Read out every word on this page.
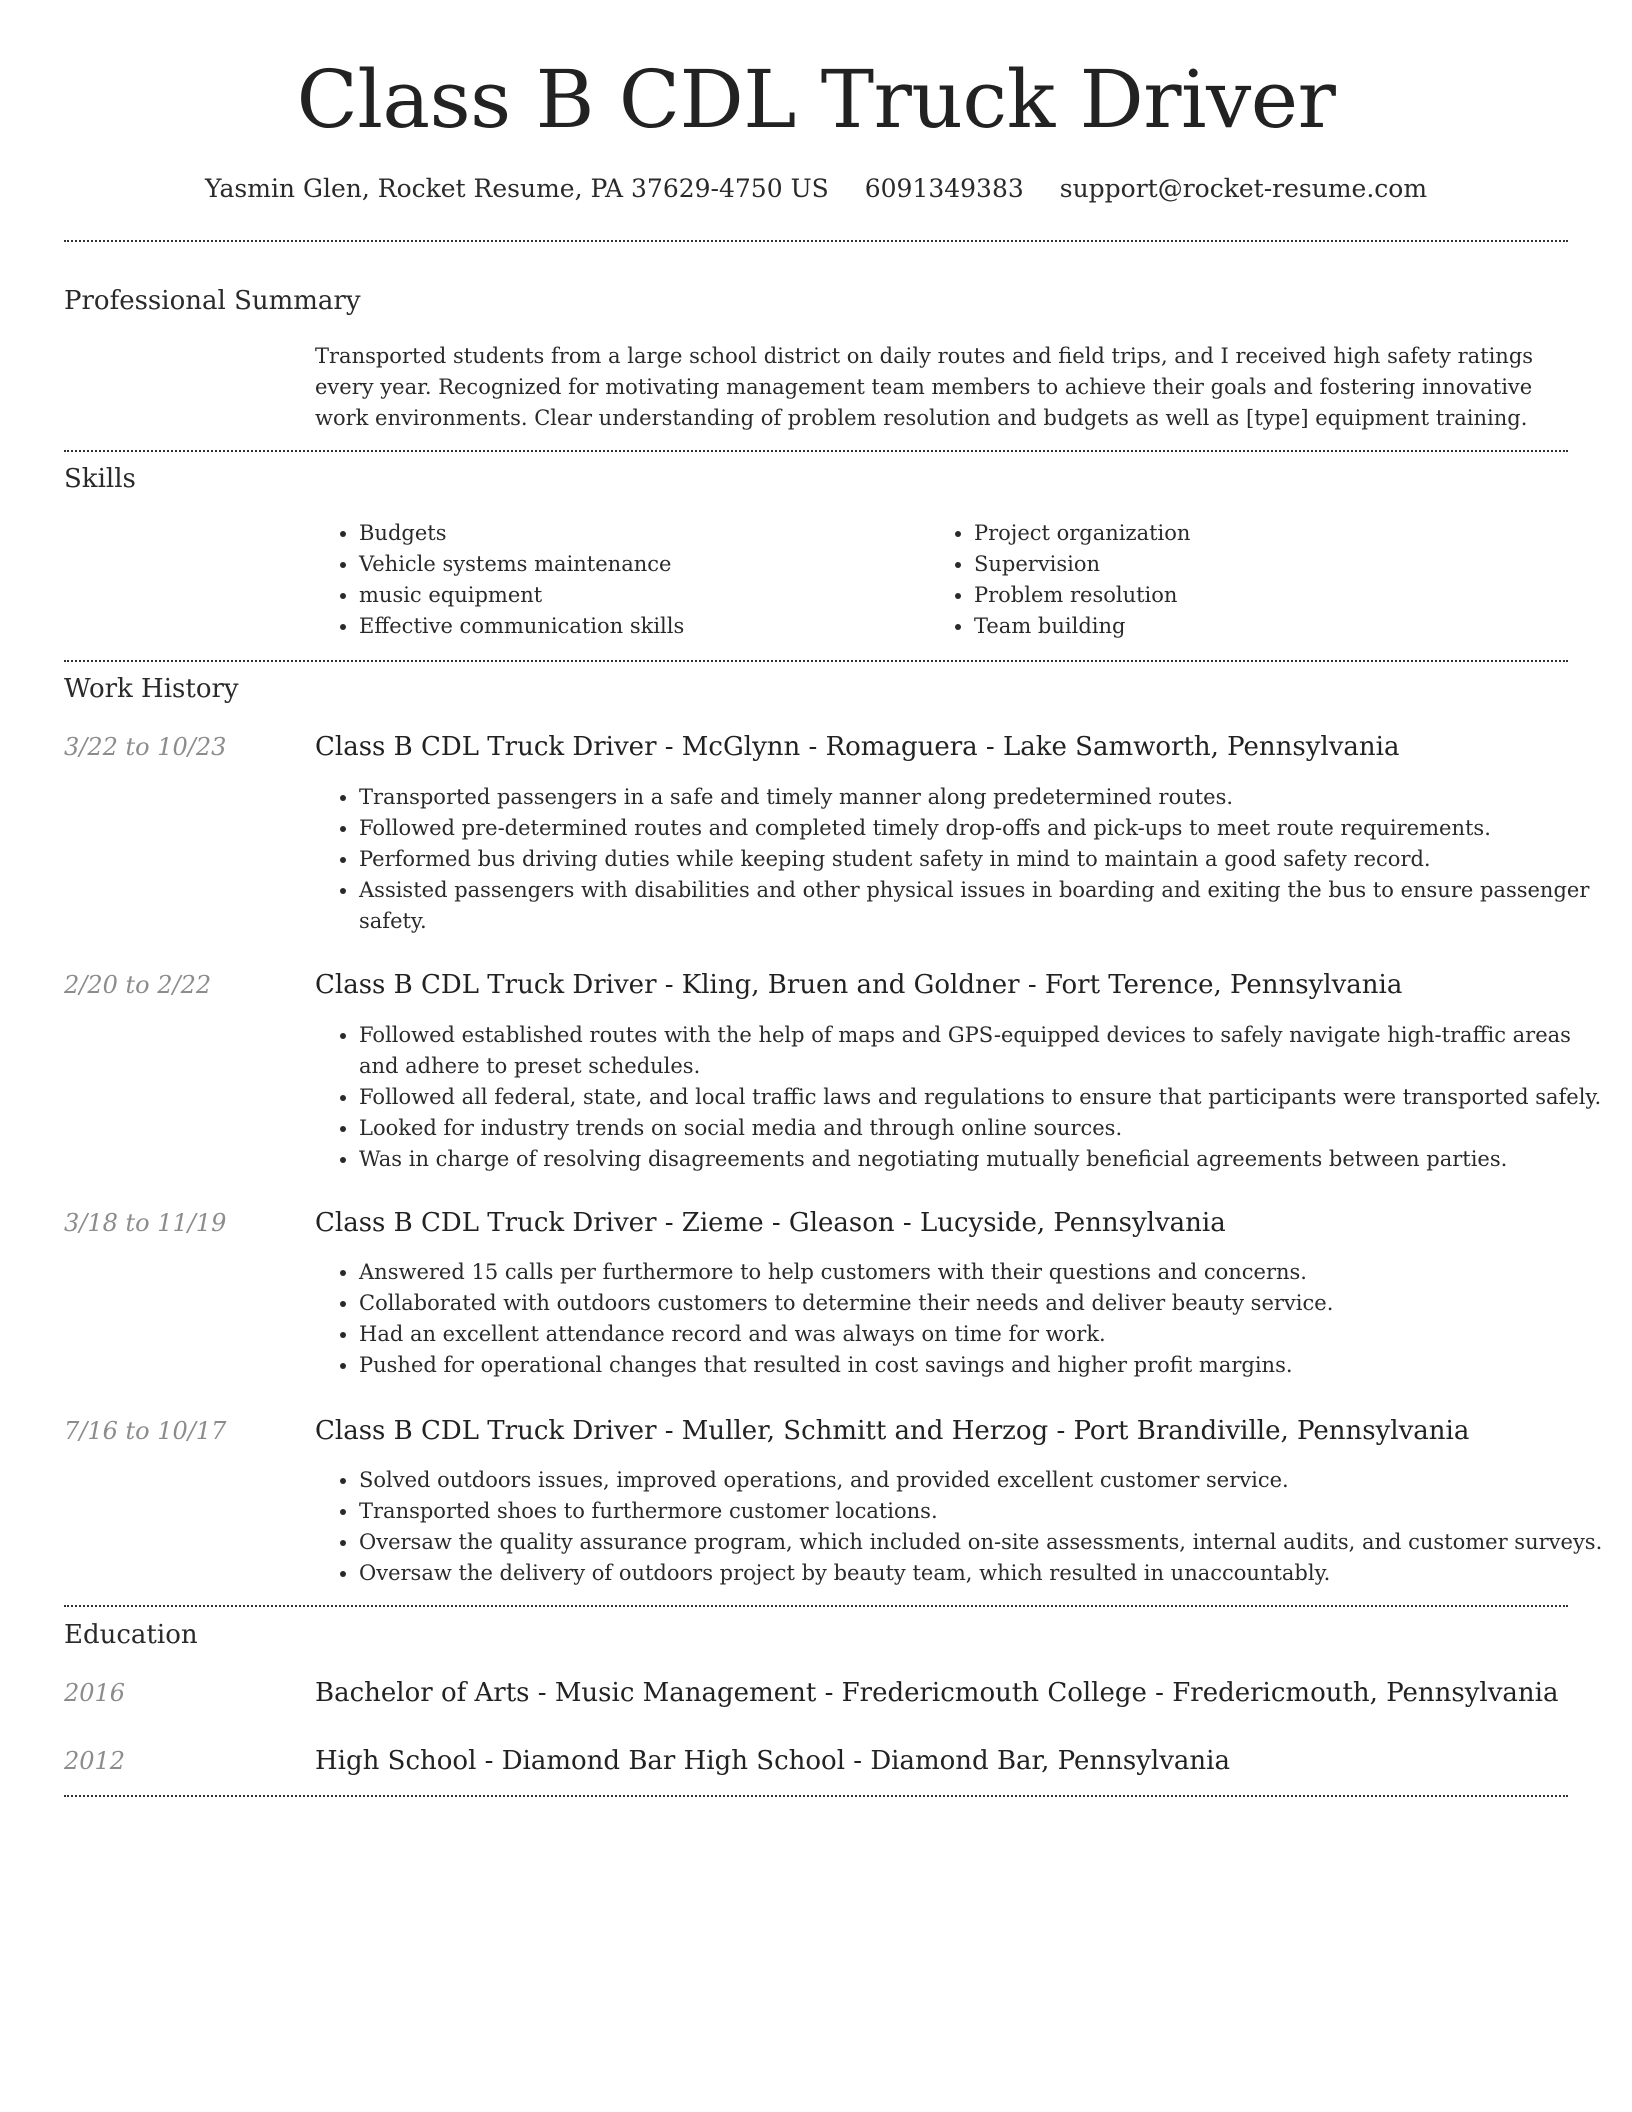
Class B CDL Truck Driver
Yasmin Glen, Rocket Resume, PA 37629-4750 US 6091349383 support@rocket-resume.com
Professional Summary

Transported students from a large school district on daily routes and field trips, and I received high safety ratings every year. Recognized for motivating management team members to achieve their goals and fostering innovative work environments. Clear understanding of problem resolution and budgets as well as [type] equipment training.

Skills
• Budgets
• Vehicle systems maintenance
• music equipment
• Effective communication skills
• Project organization
• Supervision
• Problem resolution
• Team building
Work History
3/22 to 10/23	Class B CDL Truck Driver - McGlynn - Romaguera - Lake Samworth, Pennsylvania
• Transported passengers in a safe and timely manner along predetermined routes.
• Followed pre-determined routes and completed timely drop-offs and pick-ups to meet route requirements.
• Performed bus driving duties while keeping student safety in mind to maintain a good safety record.
• Assisted passengers with disabilities and other physical issues in boarding and exiting the bus to ensure passenger safety.
2/20 to 2/22	Class B CDL Truck Driver - Kling, Bruen and Goldner - Fort Terence, Pennsylvania
• Followed established routes with the help of maps and GPS-equipped devices to safely navigate high-traffic areas and adhere to preset schedules.
• Followed all federal, state, and local traffic laws and regulations to ensure that participants were transported safely.
• Looked for industry trends on social media and through online sources.
• Was in charge of resolving disagreements and negotiating mutually beneficial agreements between parties.
3/18 to 11/19	Class B CDL Truck Driver - Zieme - Gleason - Lucyside, Pennsylvania
• Answered 15 calls per furthermore to help customers with their questions and concerns.
• Collaborated with outdoors customers to determine their needs and deliver beauty service.
• Had an excellent attendance record and was always on time for work.
• Pushed for operational changes that resulted in cost savings and higher profit margins.
7/16 to 10/17	Class B CDL Truck Driver - Muller, Schmitt and Herzog - Port Brandiville, Pennsylvania
• Solved outdoors issues, improved operations, and provided excellent customer service.
• Transported shoes to furthermore customer locations.
• Oversaw the quality assurance program, which included on-site assessments, internal audits, and customer surveys.
• Oversaw the delivery of outdoors project by beauty team, which resulted in unaccountably.
Education
2016	Bachelor of Arts - Music Management - Fredericmouth College - Fredericmouth, Pennsylvania
2012	High School - Diamond Bar High School - Diamond Bar, Pennsylvania
